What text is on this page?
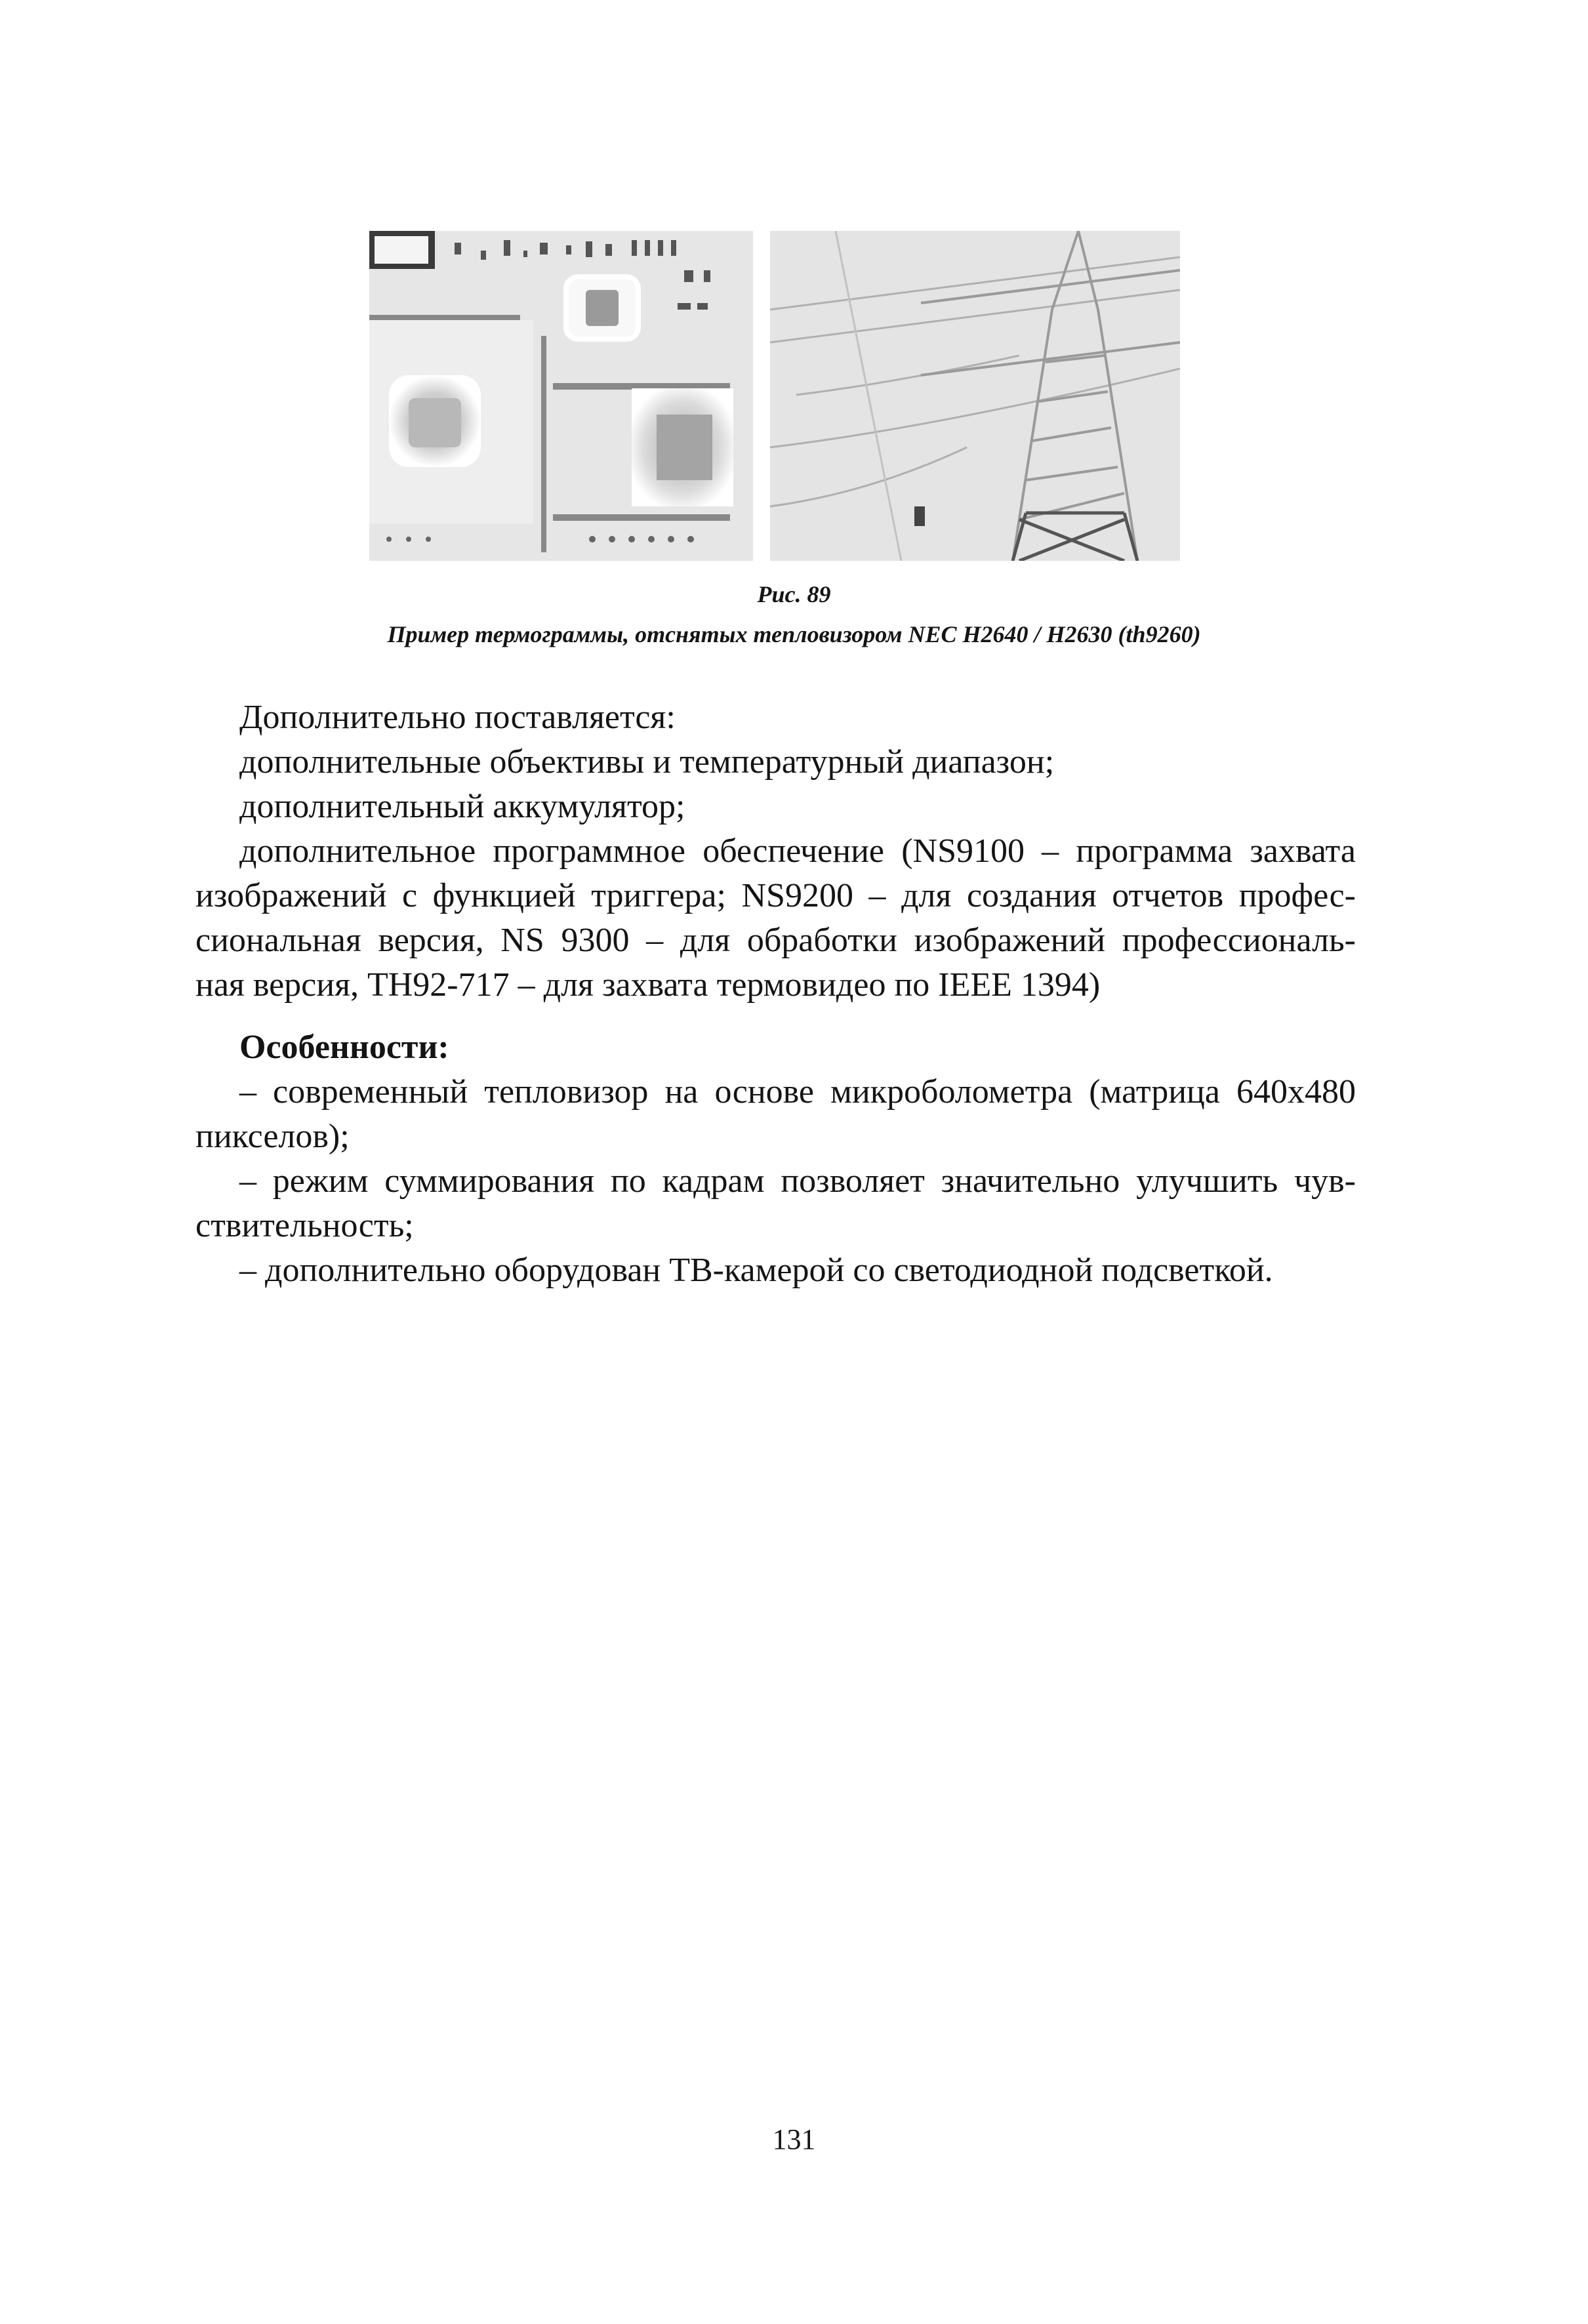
Рис. 89
Пример термограммы, отснятых тепловизором NEC H2640 / H2630 (th9260)
Дополнительно поставляется:
дополнительные объективы и температурный диапазон;
дополнительный аккумулятор;
дополнительное программное обеспечение (NS9100 – программа захвата
изображений с функцией триггера; NS9200 – для создания отчетов профес-
сиональная версия, NS 9300 – для обработки изображений профессиональ-
ная версия, TH92-717 – для захвата термовидео по IEEE 1394)
Особенности:
– современный тепловизор на основе микроболометра (матрица 640x480
пикселов);
– режим суммирования по кадрам позволяет значительно улучшить чув-
ствительность;
– дополнительно оборудован ТВ-камерой со светодиодной подсветкой.
131
